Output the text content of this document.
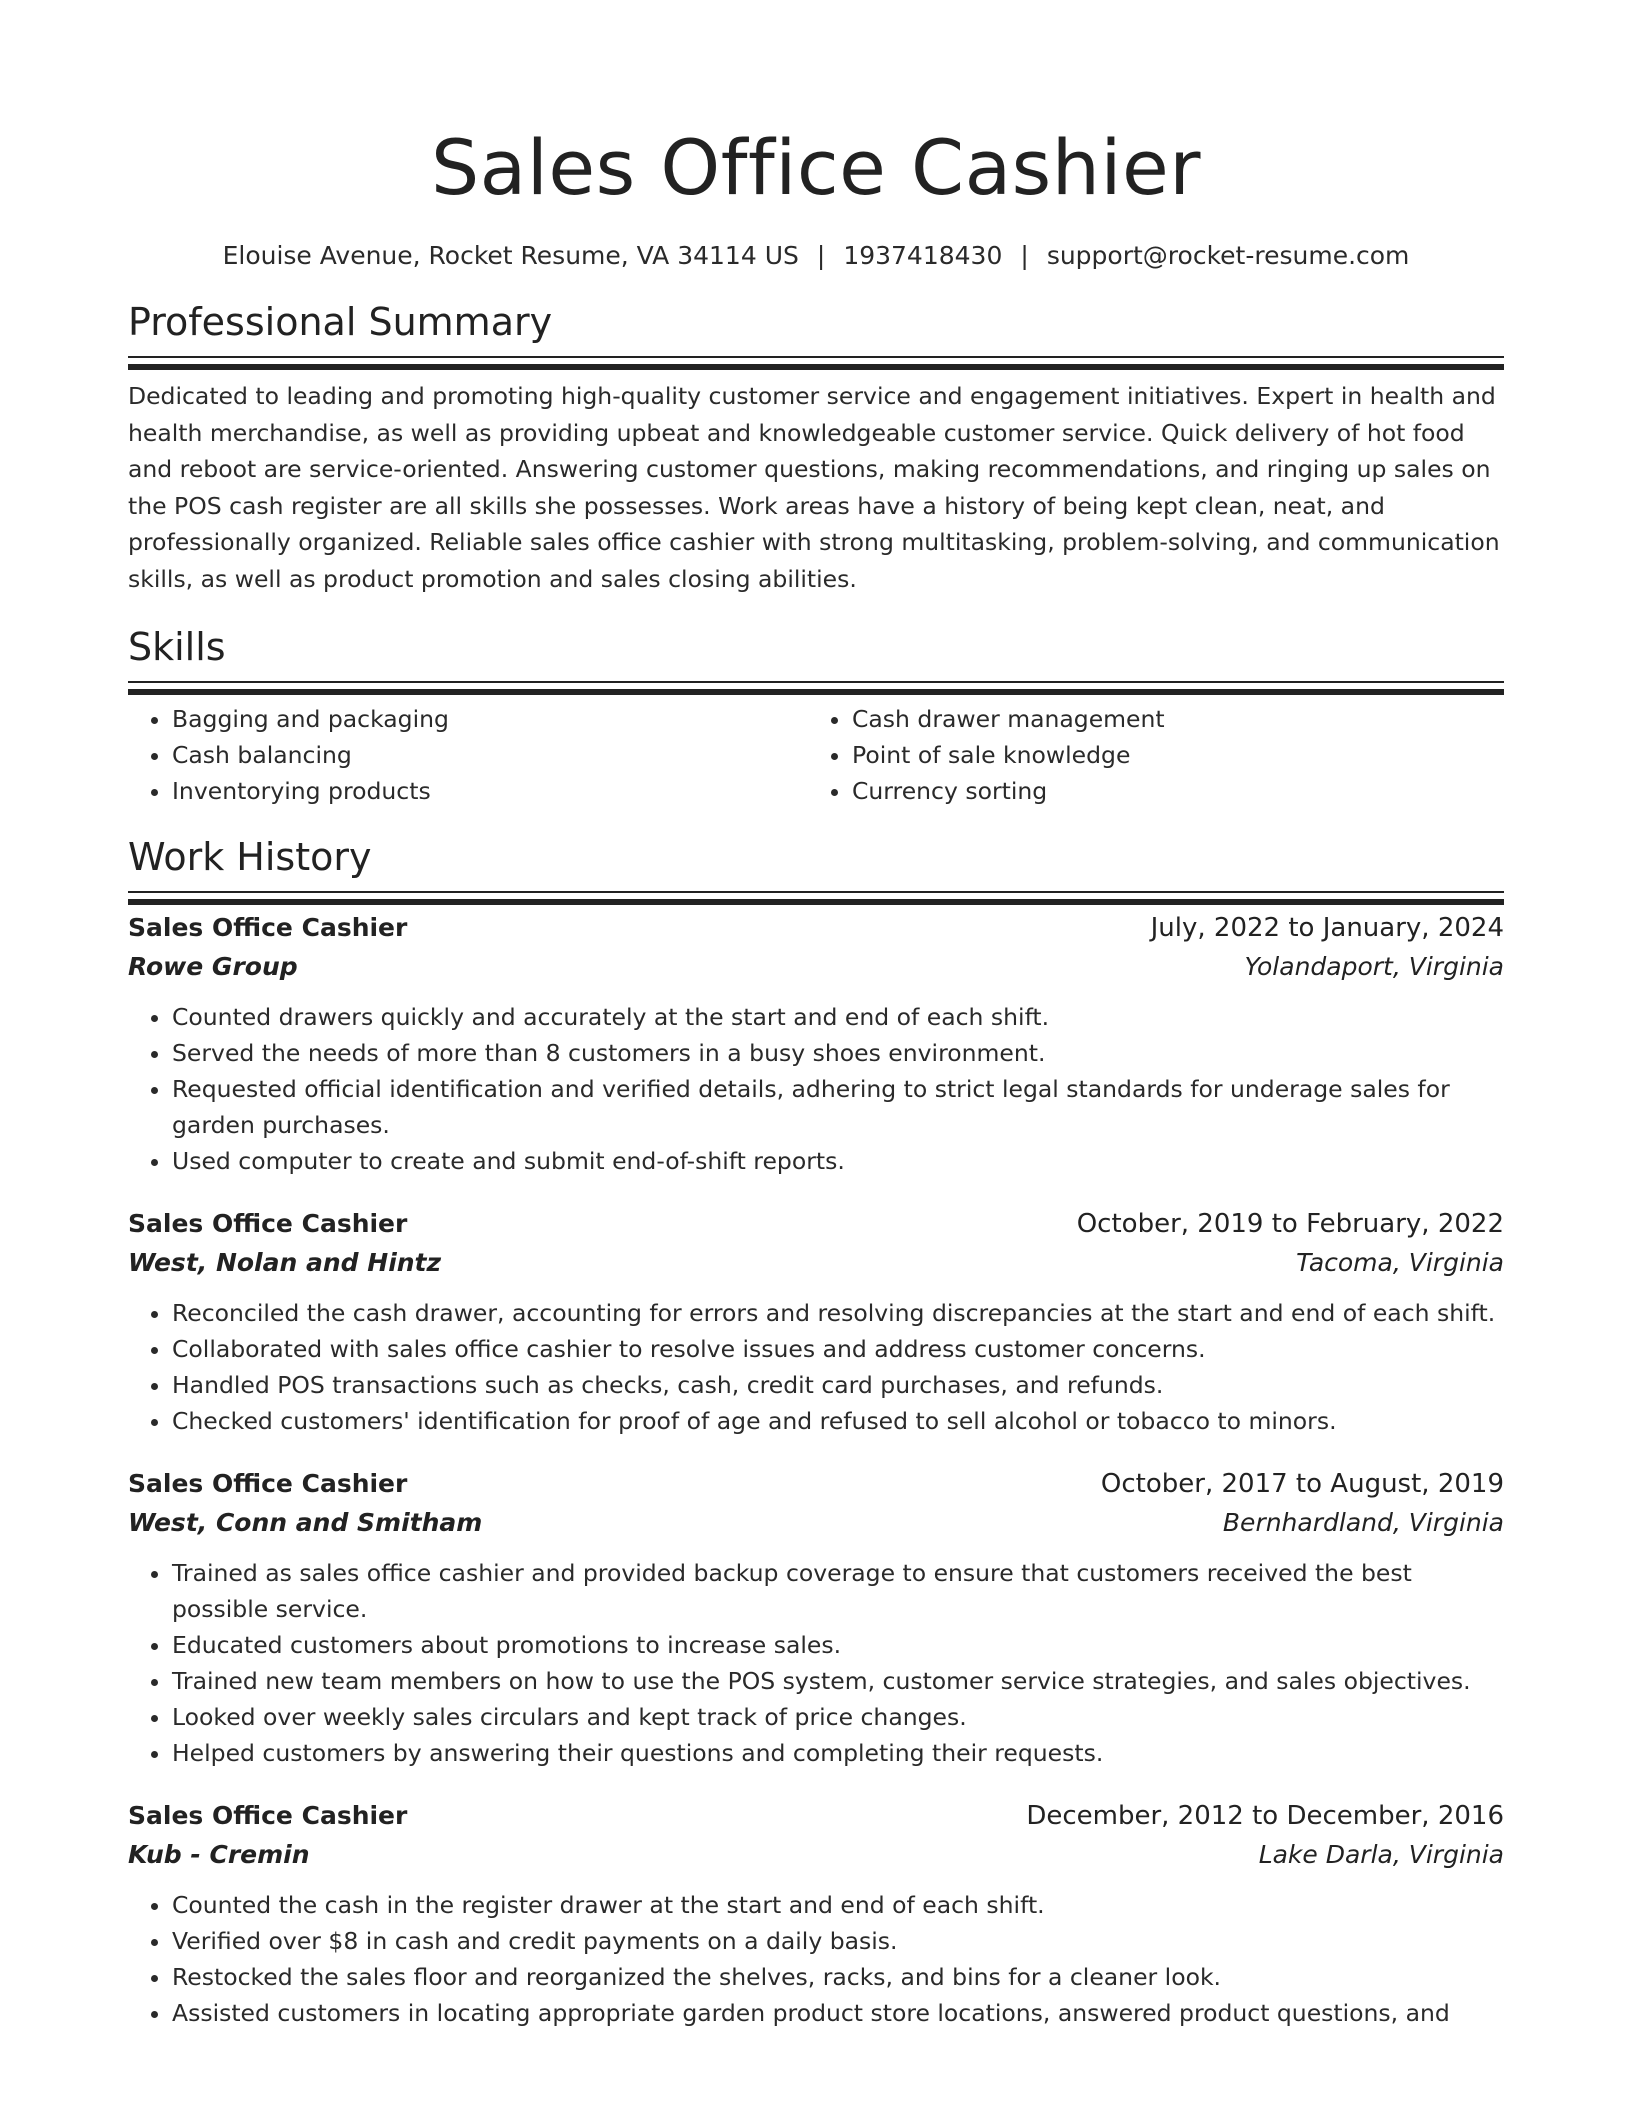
Sales Office Cashier
Elouise Avenue, Rocket Resume, VA 34114 US | 1937418430 | support@rocket-resume.com
Professional Summary
Dedicated to leading and promoting high-quality customer service and engagement initiatives. Expert in health and health merchandise, as well as providing upbeat and knowledgeable customer service. Quick delivery of hot food and reboot are service-oriented. Answering customer questions, making recommendations, and ringing up sales on the POS cash register are all skills she possesses. Work areas have a history of being kept clean, neat, and professionally organized. Reliable sales office cashier with strong multitasking, problem-solving, and communication skills, as well as product promotion and sales closing abilities.
Skills
• Bagging and packaging
• Cash balancing
• Inventorying products
• Cash drawer management
• Point of sale knowledge
• Currency sorting
Work History
Sales Office Cashier	July, 2022 to January, 2024
Rowe Group	Yolandaport, Virginia
• Counted drawers quickly and accurately at the start and end of each shift.
• Served the needs of more than 8 customers in a busy shoes environment.
• Requested official identification and verified details, adhering to strict legal standards for underage sales for garden purchases.
• Used computer to create and submit end-of-shift reports.
Sales Office Cashier	October, 2019 to February, 2022
West, Nolan and Hintz	Tacoma, Virginia
• Reconciled the cash drawer, accounting for errors and resolving discrepancies at the start and end of each shift.
• Collaborated with sales office cashier to resolve issues and address customer concerns.
• Handled POS transactions such as checks, cash, credit card purchases, and refunds.
• Checked customers' identification for proof of age and refused to sell alcohol or tobacco to minors.
Sales Office Cashier	October, 2017 to August, 2019
West, Conn and Smitham	Bernhardland, Virginia
• Trained as sales office cashier and provided backup coverage to ensure that customers received the best possible service.
• Educated customers about promotions to increase sales.
• Trained new team members on how to use the POS system, customer service strategies, and sales objectives.
• Looked over weekly sales circulars and kept track of price changes.
• Helped customers by answering their questions and completing their requests.
Sales Office Cashier	December, 2012 to December, 2016
Kub - Cremin	Lake Darla, Virginia
• Counted the cash in the register drawer at the start and end of each shift.
• Verified over $8 in cash and credit payments on a daily basis.
• Restocked the sales floor and reorganized the shelves, racks, and bins for a cleaner look.
• Assisted customers in locating appropriate garden product store locations, answered product questions, and
